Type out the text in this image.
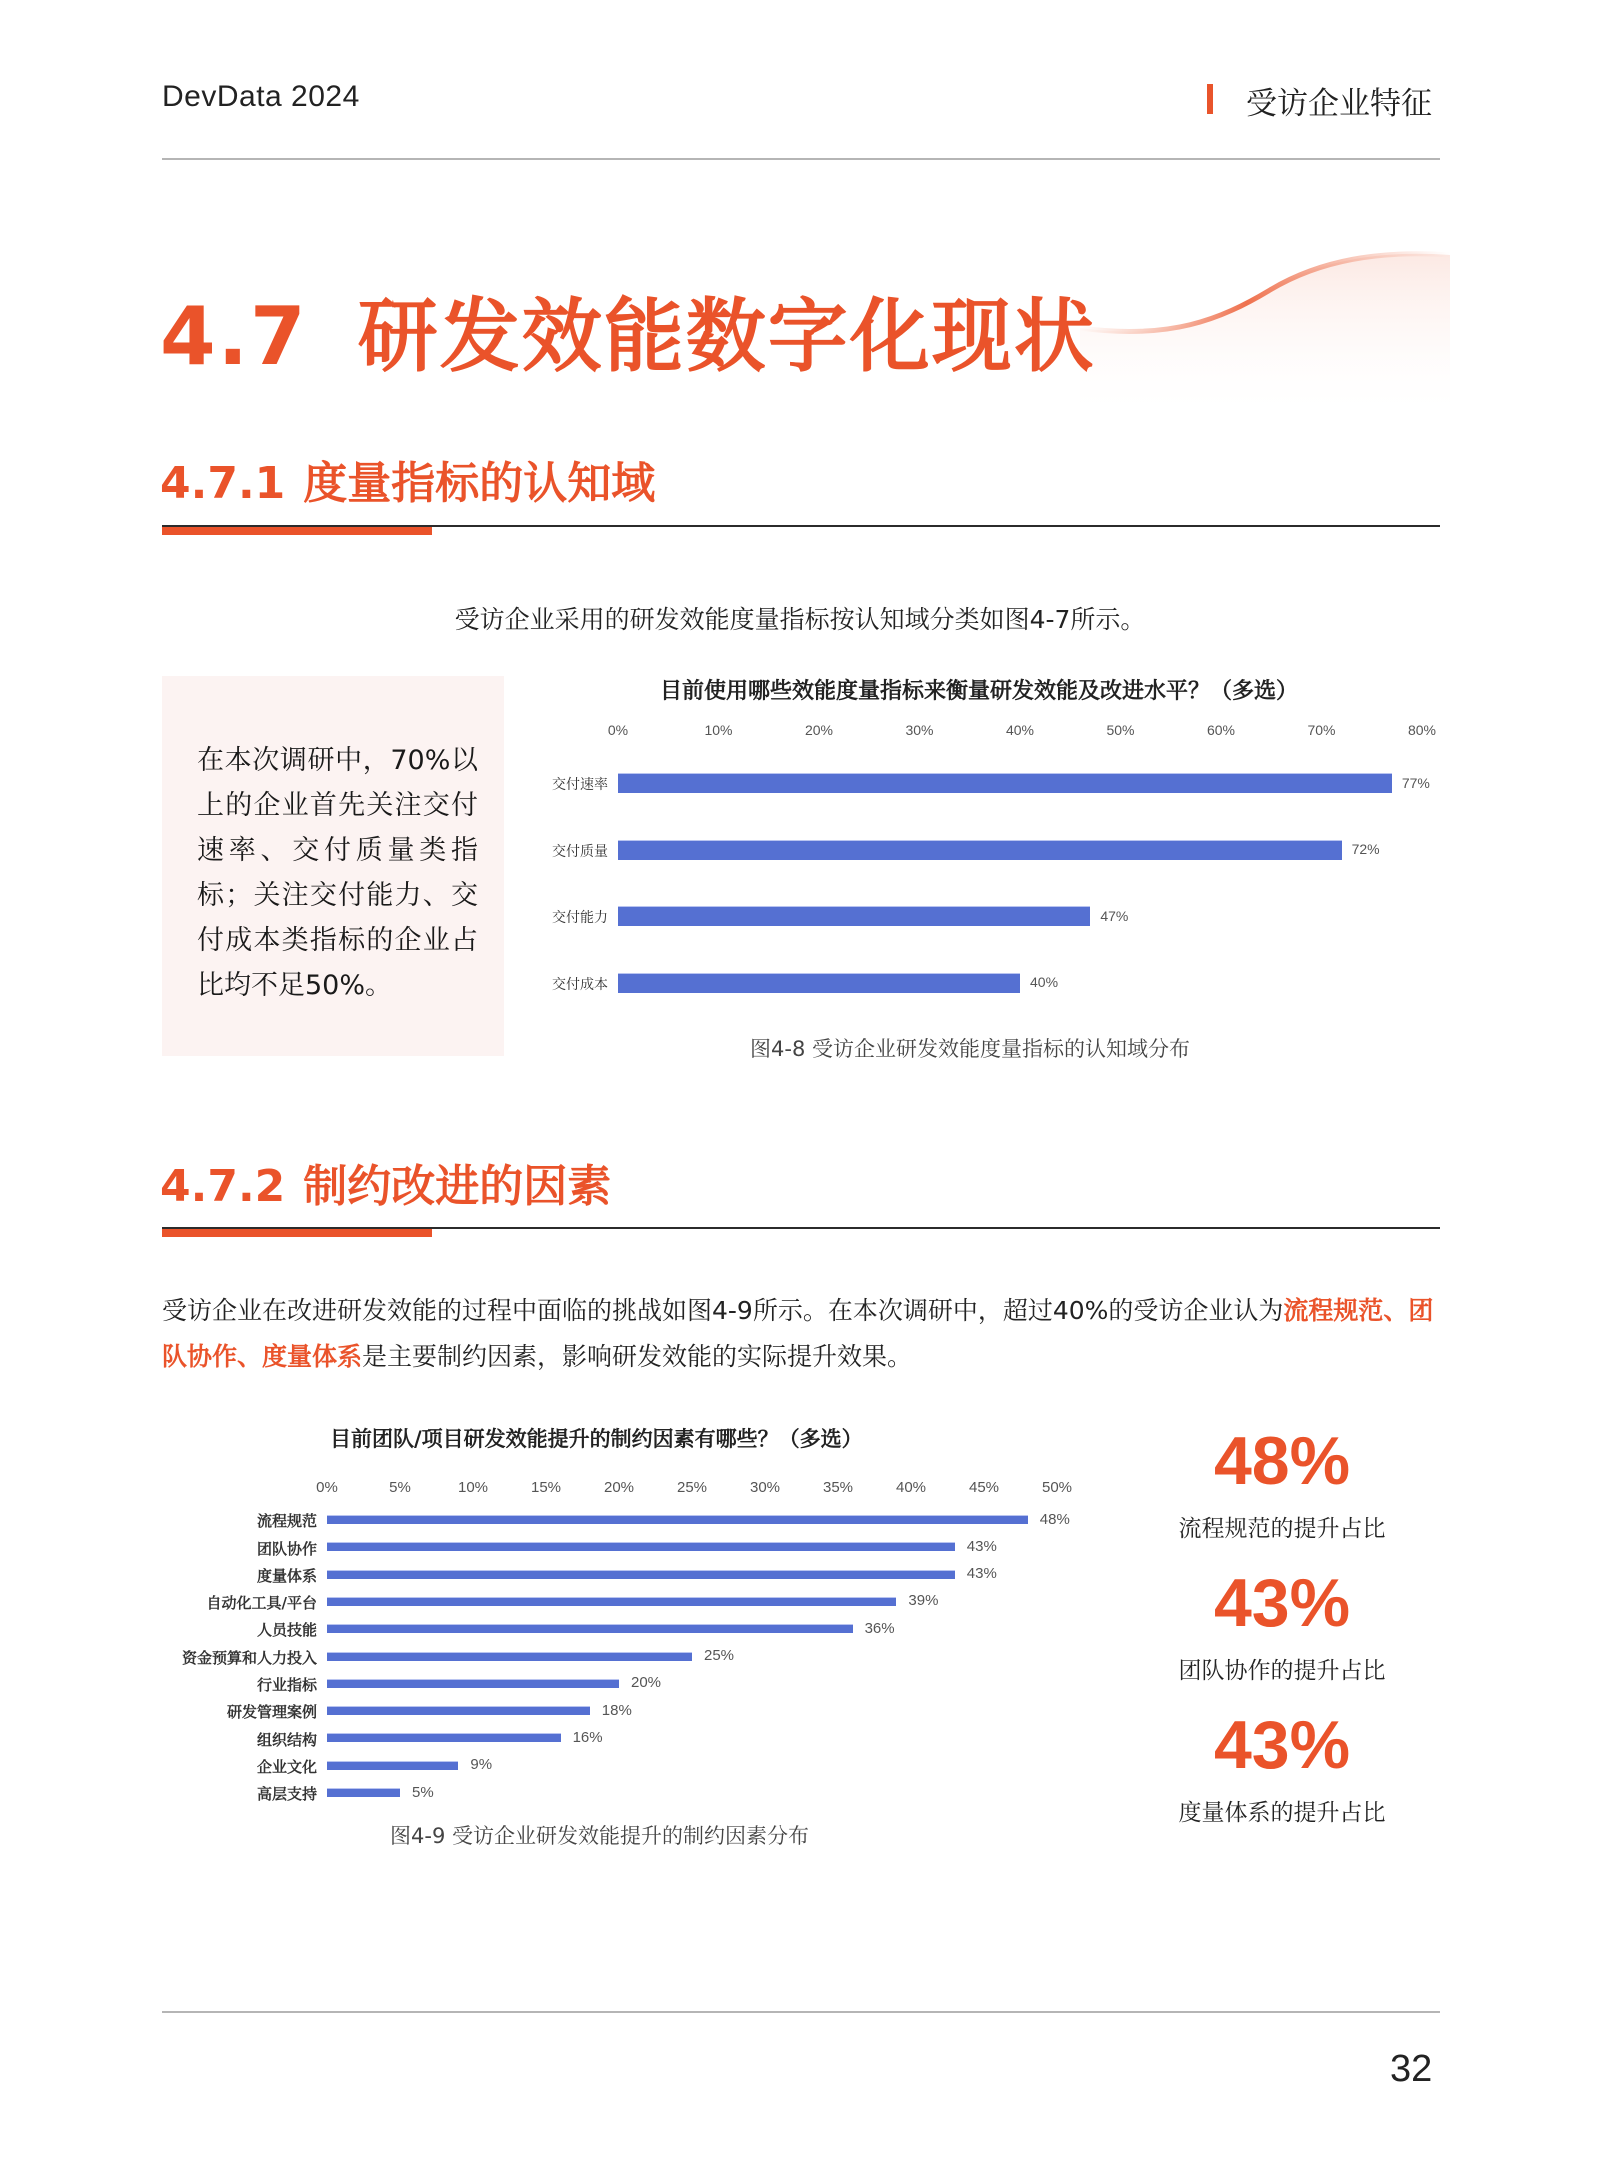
DevData 2024	受访企业特征
4.7 研发效能数字化现状
4.7.1 度量指标的认知域
受访企业采用的研发效能度量指标按认知域分类如图4-7所示。
在本次调研中，70%以上的企业首先关注交付速率、交付质量类指标；关注交付能力、交付成本类指标的企业占比均不足50%。
目前使用哪些效能度量指标来衡量研发效能及改进水平？（多选）
0%	10%	20%	30%	40%	50%	60%	70%	80%
交付速率	77%
交付质量	72%
交付能力	47%
交付成本	40%
图4-8 受访企业研发效能度量指标的认知域分布
4.7.2 制约改进的因素
受访企业在改进研发效能的过程中面临的挑战如图4-9所示。在本次调研中，超过40%的受访企业认为流程规范、团队协作、度量体系是主要制约因素，影响研发效能的实际提升效果。
目前团队/项目研发效能提升的制约因素有哪些？（多选）
0%	5%	10%	15%	20%	25%	30%	35%	40%	45%	50%
流程规范	48%
团队协作	43%
度量体系	43%
自动化工具/平台	39%
人员技能	36%
资金预算和人力投入	25%
行业指标	20%
研发管理案例	18%
组织结构	16%
企业文化	9%
高层支持	5%
图4-9 受访企业研发效能提升的制约因素分布
48%
流程规范的提升占比
43%
团队协作的提升占比
43%
度量体系的提升占比
32
